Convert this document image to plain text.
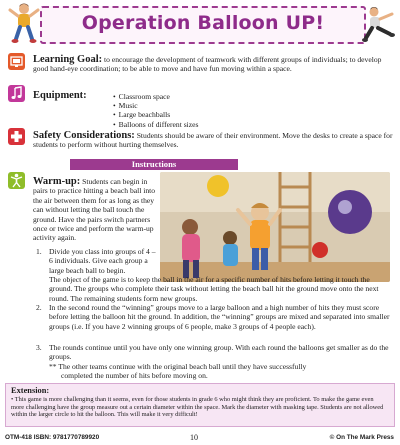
Operation Balloon UP!
Learning Goal: to encourage the development of teamwork with different groups of individuals; to develop good hand-eye coordination; to be able to move and have fun moving within a space.
Equipment:
•	Classroom space
• Music
• Large beachballs
• Balloons of different sizes
Safety Considerations: Students should be aware of their environment. Move the desks to create a space for students to perform without hurting themselves.
Instructions
Warm-up: Students can begin in pairs to practice hitting a beach ball into the air between them for as long as they can without letting the ball touch the ground. Have the pairs switch partners once or twice and perform the warm-up activity again.
1. Divide you class into groups of 4 – 6 individuals. Give each group a large beach ball to begin.
The object of the game is to keep the ball in the air for a specific number of hits before letting it touch the ground. The groups who complete their task without letting the beach ball hit the ground move onto the next round. The remaining students form new groups.
2. In the second round the “winning” groups move to a large balloon and a high number of hits they must score before letting the balloon hit the ground. In addition, the “winning” groups are mixed and separated into smaller groups (i.e. If you have 2 winning groups of 6 people, make 3 groups of 4 people each).
3. The rounds continue until you have only one winning group. With each round the balloons get smaller as do the groups.
** The other teams continue with the original beach ball until they have successfully
completed the number of hits before moving on.
Extension:
• This game is more challenging than it seems, even for those students in grade 6 who might think they are proficient. To make the game even more challenging have the group measure out a certain diameter within the space. Mark the diameter with masking tape. Students are not allowed within the larger circle to hit the balloon. This will make it very difficult!
OTM-418 ISBN: 9781770789920	10	© On The Mark Press
